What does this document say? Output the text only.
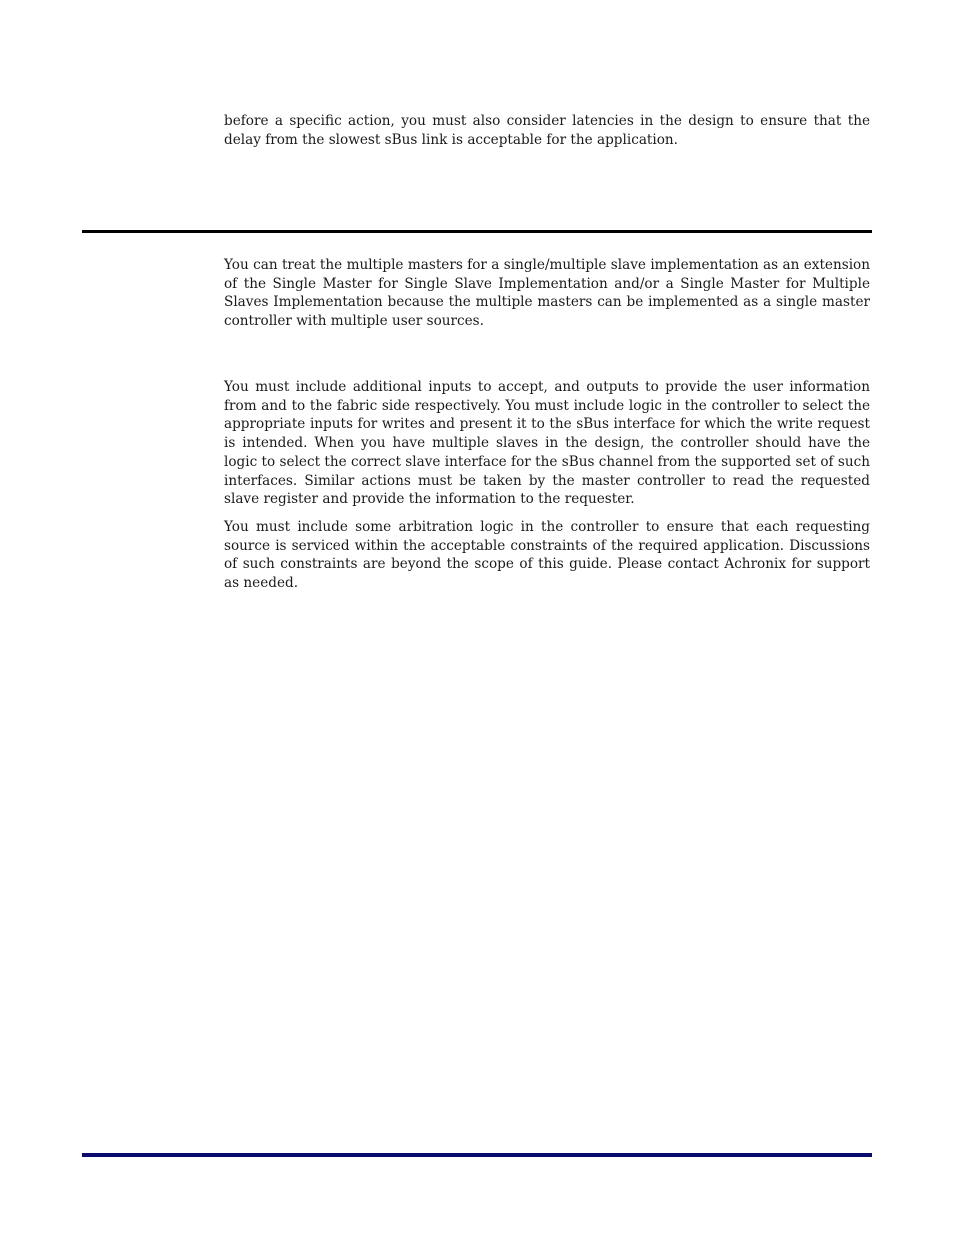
before a specific action, you must also consider latencies in the design to ensure that the delay from the slowest sBus link is acceptable for the application.

You can treat the multiple masters for a single/multiple slave implementation as an extension of the Single Master for Single Slave Implementation and/or a Single Master for Multiple Slaves Implementation because the multiple masters can be implemented as a single master controller with multiple user sources.

You must include additional inputs to accept, and outputs to provide the user information from and to the fabric side respectively. You must include logic in the controller to select the appropriate inputs for writes and present it to the sBus interface for which the write request is intended. When you have multiple slaves in the design, the controller should have the logic to select the correct slave interface for the sBus channel from the supported set of such interfaces. Similar actions must be taken by the master controller to read the requested slave register and provide the information to the requester.

You must include some arbitration logic in the controller to ensure that each requesting source is serviced within the acceptable constraints of the required application. Discussions of such constraints are beyond the scope of this guide. Please contact Achronix for support as needed.
